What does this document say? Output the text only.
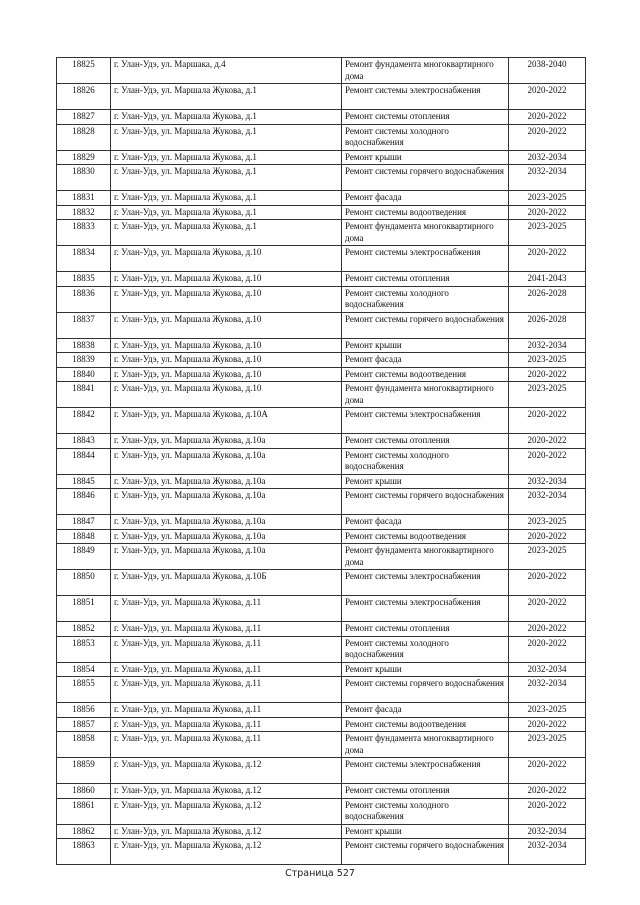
18825	г. Улан-Удэ, ул. Маршака, д.4	Ремонт фундамента многоквартирного дома	2038-2040
18826	г. Улан-Удэ, ул. Маршала Жукова, д.1	Ремонт системы электроснабжения	2020-2022
18827	г. Улан-Удэ, ул. Маршала Жукова, д.1	Ремонт системы отопления	2020-2022
18828	г. Улан-Удэ, ул. Маршала Жукова, д.1	Ремонт системы холодного водоснабжения	2020-2022
18829	г. Улан-Удэ, ул. Маршала Жукова, д.1	Ремонт крыши	2032-2034
18830	г. Улан-Удэ, ул. Маршала Жукова, д.1	Ремонт системы горячего водоснабжения	2032-2034
18831	г. Улан-Удэ, ул. Маршала Жукова, д.1	Ремонт фасада	2023-2025
18832	г. Улан-Удэ, ул. Маршала Жукова, д.1	Ремонт системы водоотведения	2020-2022
18833	г. Улан-Удэ, ул. Маршала Жукова, д.1	Ремонт фундамента многоквартирного дома	2023-2025
18834	г. Улан-Удэ, ул. Маршала Жукова, д.10	Ремонт системы электроснабжения	2020-2022
18835	г. Улан-Удэ, ул. Маршала Жукова, д.10	Ремонт системы отопления	2041-2043
18836	г. Улан-Удэ, ул. Маршала Жукова, д.10	Ремонт системы холодного водоснабжения	2026-2028
18837	г. Улан-Удэ, ул. Маршала Жукова, д.10	Ремонт системы горячего водоснабжения	2026-2028
18838	г. Улан-Удэ, ул. Маршала Жукова, д.10	Ремонт крыши	2032-2034
18839	г. Улан-Удэ, ул. Маршала Жукова, д.10	Ремонт фасада	2023-2025
18840	г. Улан-Удэ, ул. Маршала Жукова, д.10	Ремонт системы водоотведения	2020-2022
18841	г. Улан-Удэ, ул. Маршала Жукова, д.10	Ремонт фундамента многоквартирного дома	2023-2025
18842	г. Улан-Удэ, ул. Маршала Жукова, д.10А	Ремонт системы электроснабжения	2020-2022
18843	г. Улан-Удэ, ул. Маршала Жукова, д.10а	Ремонт системы отопления	2020-2022
18844	г. Улан-Удэ, ул. Маршала Жукова, д.10а	Ремонт системы холодного водоснабжения	2020-2022
18845	г. Улан-Удэ, ул. Маршала Жукова, д.10а	Ремонт крыши	2032-2034
18846	г. Улан-Удэ, ул. Маршала Жукова, д.10а	Ремонт системы горячего водоснабжения	2032-2034
18847	г. Улан-Удэ, ул. Маршала Жукова, д.10а	Ремонт фасада	2023-2025
18848	г. Улан-Удэ, ул. Маршала Жукова, д.10а	Ремонт системы водоотведения	2020-2022
18849	г. Улан-Удэ, ул. Маршала Жукова, д.10а	Ремонт фундамента многоквартирного дома	2023-2025
18850	г. Улан-Удэ, ул. Маршала Жукова, д.10Б	Ремонт системы электроснабжения	2020-2022
18851	г. Улан-Удэ, ул. Маршала Жукова, д.11	Ремонт системы электроснабжения	2020-2022
18852	г. Улан-Удэ, ул. Маршала Жукова, д.11	Ремонт системы отопления	2020-2022
18853	г. Улан-Удэ, ул. Маршала Жукова, д.11	Ремонт системы холодного водоснабжения	2020-2022
18854	г. Улан-Удэ, ул. Маршала Жукова, д.11	Ремонт крыши	2032-2034
18855	г. Улан-Удэ, ул. Маршала Жукова, д.11	Ремонт системы горячего водоснабжения	2032-2034
18856	г. Улан-Удэ, ул. Маршала Жукова, д.11	Ремонт фасада	2023-2025
18857	г. Улан-Удэ, ул. Маршала Жукова, д.11	Ремонт системы водоотведения	2020-2022
18858	г. Улан-Удэ, ул. Маршала Жукова, д.11	Ремонт фундамента многоквартирного дома	2023-2025
18859	г. Улан-Удэ, ул. Маршала Жукова, д.12	Ремонт системы электроснабжения	2020-2022
18860	г. Улан-Удэ, ул. Маршала Жукова, д.12	Ремонт системы отопления	2020-2022
18861	г. Улан-Удэ, ул. Маршала Жукова, д.12	Ремонт системы холодного водоснабжения	2020-2022
18862	г. Улан-Удэ, ул. Маршала Жукова, д.12	Ремонт крыши	2032-2034
18863	г. Улан-Удэ, ул. Маршала Жукова, д.12	Ремонт системы горячего водоснабжения	2032-2034
Страница 527
